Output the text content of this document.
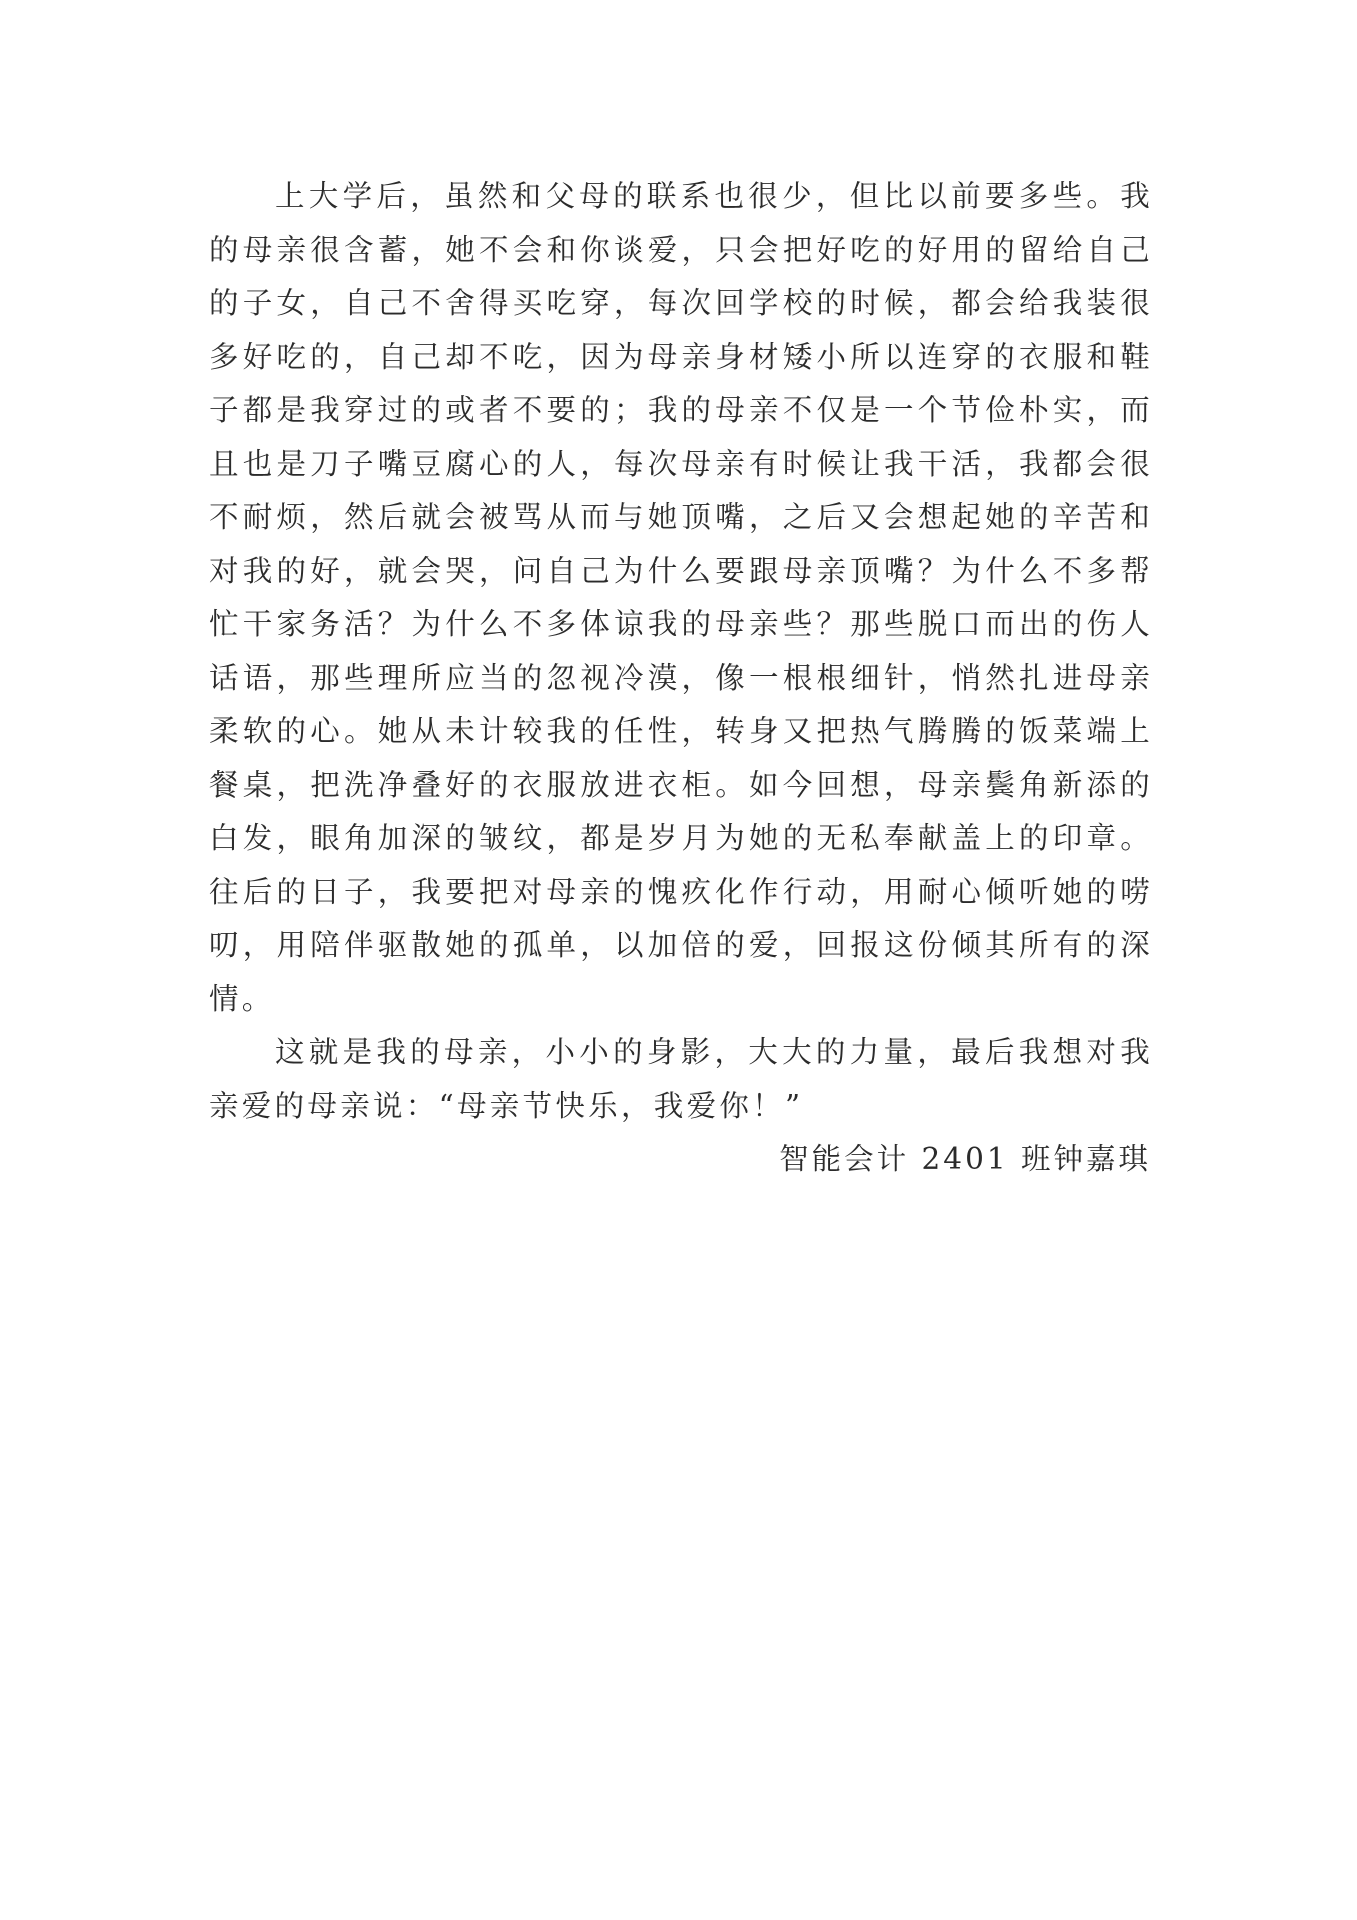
上大学后，虽然和父母的联系也很少，但比以前要多些。我的母亲很含蓄，她不会和你谈爱，只会把好吃的好用的留给自己的子女，自己不舍得买吃穿，每次回学校的时候，都会给我装很多好吃的，自己却不吃，因为母亲身材矮小所以连穿的衣服和鞋子都是我穿过的或者不要的；我的母亲不仅是一个节俭朴实，而且也是刀子嘴豆腐心的人，每次母亲有时候让我干活，我都会很不耐烦，然后就会被骂从而与她顶嘴，之后又会想起她的辛苦和对我的好，就会哭，问自己为什么要跟母亲顶嘴？为什么不多帮忙干家务活？为什么不多体谅我的母亲些？那些脱口而出的伤人话语，那些理所应当的忽视冷漠，像一根根细针，悄然扎进母亲柔软的心。她从未计较我的任性，转身又把热气腾腾的饭菜端上餐桌，把洗净叠好的衣服放进衣柜。如今回想，母亲鬓角新添的白发，眼角加深的皱纹，都是岁月为她的无私奉献盖上的印章。往后的日子，我要把对母亲的愧疚化作行动，用耐心倾听她的唠叨，用陪伴驱散她的孤单，以加倍的爱，回报这份倾其所有的深情。

这就是我的母亲，小小的身影，大大的力量，最后我想对我亲爱的母亲说：“母亲节快乐，我爱你！”

智能会计 2401 班钟嘉琪
